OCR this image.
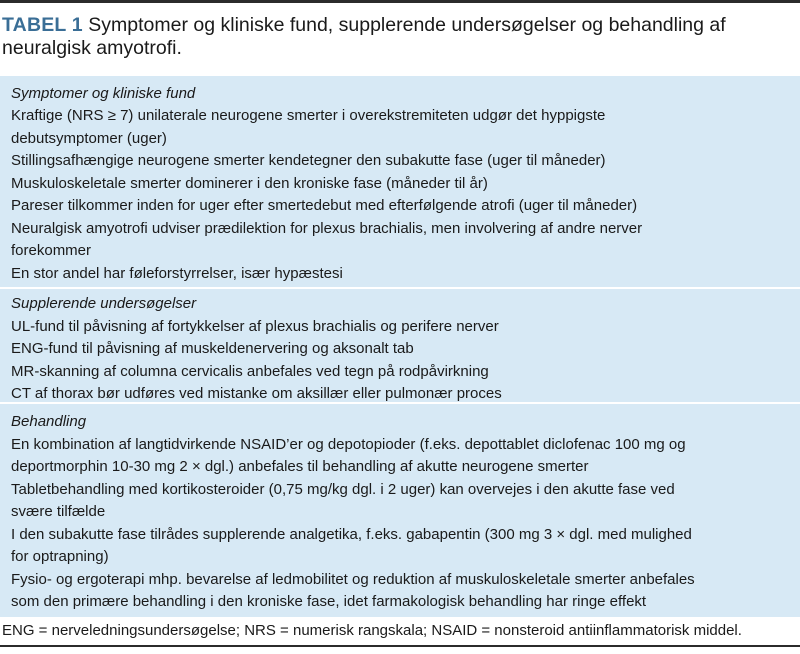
TABEL 1 Symptomer og kliniske fund, supplerende undersøgelser og behandling af
neuralgisk amyotrofi.
Symptomer og kliniske fund
Kraftige (NRS ≥ 7) unilaterale neurogene smerter i overekstremiteten udgør det hyppigste
debutsymptomer (uger)
Stillingsafhængige neurogene smerter kendetegner den subakutte fase (uger til måneder)
Muskuloskeletale smerter dominerer i den kroniske fase (måneder til år)
Pareser tilkommer inden for uger efter smertedebut med efterfølgende atrofi (uger til måneder)
Neuralgisk amyotrofi udviser prædilektion for plexus brachialis, men involvering af andre nerver
forekommer
En stor andel har føleforstyrrelser, især hypæstesi
Supplerende undersøgelser
UL-fund til påvisning af fortykkelser af plexus brachialis og perifere nerver
ENG-fund til påvisning af muskeldenervering og aksonalt tab
MR-skanning af columna cervicalis anbefales ved tegn på rodpåvirkning
CT af thorax bør udføres ved mistanke om aksillær eller pulmonær proces
Behandling
En kombination af langtidvirkende NSAID’er og depotopioder (f.eks. depottablet diclofenac 100 mg og
deportmorphin 10-30 mg 2 × dgl.) anbefales til behandling af akutte neurogene smerter
Tabletbehandling med kortikosteroider (0,75 mg/kg dgl. i 2 uger) kan overvejes i den akutte fase ved
svære tilfælde
I den subakutte fase tilrådes supplerende analgetika, f.eks. gabapentin (300 mg 3 × dgl. med mulighed
for optrapning)
Fysio- og ergoterapi mhp. bevarelse af ledmobilitet og reduktion af muskuloskeletale smerter anbefales
som den primære behandling i den kroniske fase, idet farmakologisk behandling har ringe effekt
ENG = nerveledningsundersøgelse; NRS = numerisk rangskala; NSAID = nonsteroid antiinflammatorisk middel.
